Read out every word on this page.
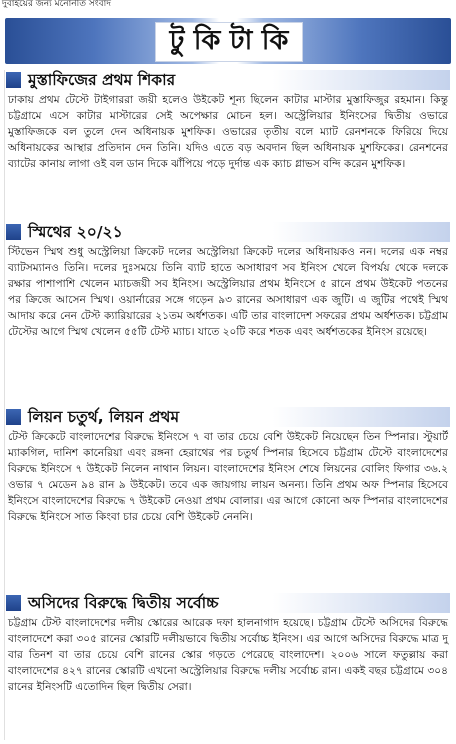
দুবাইয়ের জন্য মনোনীত সংবাদ
টু কি টা কি
মুস্তাফিজের প্রথম শিকার

ঢাকায় প্রথম টেস্টে টাইগাররা জয়ী হলেও উইকেট শূন্য ছিলেন কাটার মাস্টার মুস্তাফিজুর রহমান। কিন্তু চট্টগ্রামে এসে কাটার মাস্টারের সেই অপেক্ষার মোচন হল। অস্ট্রেলিয়ার ইনিংসের দ্বিতীয় ওভারে মুস্তাফিজকে বল তুলে দেন অধিনায়ক মুশফিক। ওভারের তৃতীয় বলে ম্যাট রেনশনকে ফিরিয়ে দিয়ে অধিনায়কের আস্থার প্রতিদান দেন তিনি। যদিও এতে বড় অবদান ছিল অধিনায়ক মুশফিকের। রেনশনের ব্যাটের কানায় লাগা ওই বল ডান দিকে ঝাঁপিয়ে পড়ে দুর্দান্ত এক ক্যাচ গ্লাভস বন্দি করেন মুশফিক।

স্মিথের ২০/২১

স্টিভেন স্মিথ শুধু অস্ট্রেলিয়া ক্রিকেট দলের অস্ট্রেলিয়া ক্রিকেট দলের অধিনায়কও নন। দলের এক নম্বর ব্যাটসম্যানও তিনি। দলের দুঃসময়ে তিনি ব্যাট হাতে অসাধারণ সব ইনিংস খেলে বিপর্যয় থেকে দলকে রক্ষার পাশাপাশি খেলেন ম্যাচজয়ী সব ইনিংস। অস্ট্রেলিয়ার প্রথম ইনিংসে ৫ রানে প্রথম উইকেট পতনের পর ক্রিজে আসেন স্মিথ। ওয়ার্নারের সঙ্গে গড়েন ৯৩ রানের অসাধারণ এক জুটি। এ জুটির পথেই স্মিথ আদায় করে নেন টেস্ট ক্যারিয়ারের ২১তম অর্ধশতক। এটি তার বাংলাদেশ সফরের প্রথম অর্ধশতক। চট্টগ্রাম টেস্টের আগে স্মিথ খেলেন ৫৫টি টেস্ট ম্যাচ। যাতে ২০টি করে শতক এবং অর্ধশতকের ইনিংস রয়েছে।

লিয়ন চতুর্থ, লিয়ন প্রথম

টেস্ট ক্রিকেটে বাংলাদেশের বিরুদ্ধে ইনিংসে ৭ বা তার চেয়ে বেশি উইকেট নিয়েছেন তিন স্পিনার। স্টুয়ার্ট ম্যাকগিল, দানিশ কানেরিয়া এবং রঙ্গনা হেরাথের পর চতুর্থ স্পিনার হিসেবে চট্টগ্রাম টেস্টে বাংলাদেশের বিরুদ্ধে ইনিংসে ৭ উইকেট নিলেন নাথান লিয়ন। বাংলাদেশের ইনিংস শেষে লিয়নের বোলিং ফিগার ৩৬.২ ওভার ৭ মেডেন ৯৪ রান ৯ উইকেট। তবে এক জায়গায় লায়ন অনন্য। তিনি প্রথম অফ স্পিনার হিসেবে ইনিংসে বাংলাদেশের বিরুদ্ধে ৭ উইকেট নেওয়া প্রথম বোলার। এর আগে কোনো অফ স্পিনার বাংলাদেশের বিরুদ্ধে ইনিংসে সাত কিংবা চার চেয়ে বেশি উইকেট নেননি।

অসিদের বিরুদ্ধে দ্বিতীয় সর্বোচ্চ

চট্টগ্রাম টেস্ট বাংলাদেশের দলীয় স্কোরের আরেক দফা হালনাগাদ হয়েছে। চট্টগ্রাম টেস্টে অসিদের বিরুদ্ধে বাংলাদেশে করা ৩০৫ রানের স্কোরটি দলীয়ভাবে দ্বিতীয় সর্বোচ্চ ইনিংস। এর আগে অসিদের বিরুদ্ধে মাত্র দু বার তিনশ বা তার চেয়ে বেশি রানের স্কোর গড়তে পেরেছে বাংলাদেশ। ২০০৬ সালে ফতুল্লায় করা বাংলাদেশের ৪২৭ রানের স্কোরটি এখনো অস্ট্রেলিয়ার বিরুদ্ধে দলীয় সর্বোচ্চ রান। একই বছর চট্টগ্রামে ৩০৪ রানের ইনিংসটি এতোদিন ছিল দ্বিতীয় সেরা।
